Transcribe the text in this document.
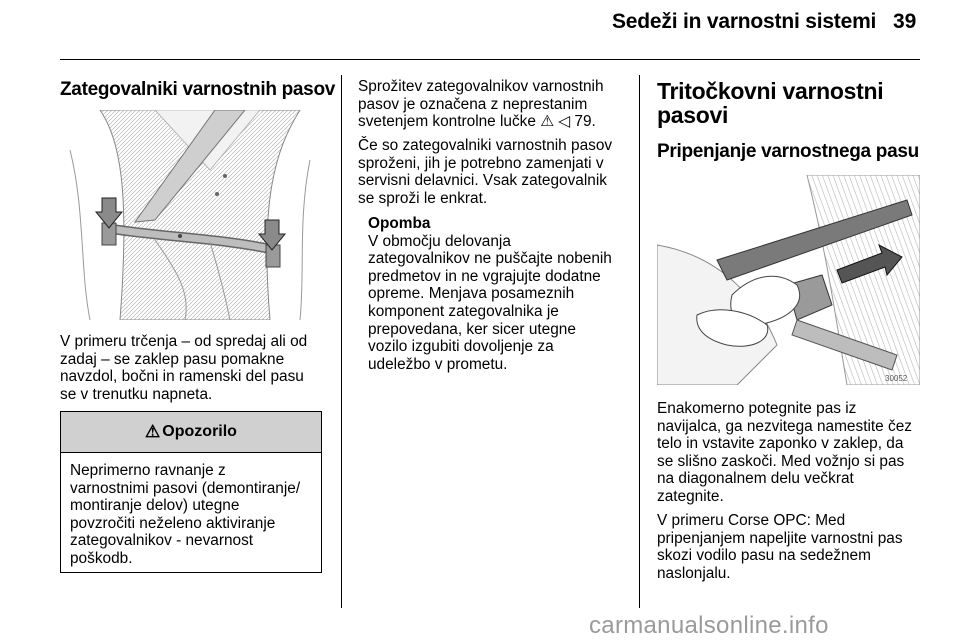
Sedeži in varnostni sistemi 39
Zategovalniki varnostnih pasov

V primeru trčenja – od spredaj ali od
zadaj – se zaklep pasu pomakne
navzdol, bočni in ramenski del pasu
se v trenutku napneta.

⚠ Opozorilo
Neprimerno ravnanje z
varnostnimi pasovi (demontiranje/
montiranje delov) utegne
povzročiti neželeno aktiviranje
zategovalnikov - nevarnost
poškodb.

Sprožitev zategovalnikov varnostnih
pasov je označena z neprestanim
svetenjem kontrolne lučke ⚠ ◁ 79.

Če so zategovalniki varnostnih pasov
sproženi, jih je potrebno zamenjati v
servisni delavnici. Vsak zategovalnik
se sproži le enkrat.

Opomba
V območju delovanja
zategovalnikov ne puščajte nobenih
predmetov in ne vgrajujte dodatne
opreme. Menjava posameznih
komponent zategovalnika je
prepovedana, ker sicer utegne
vozilo izgubiti dovoljenje za
udeležbo v prometu.
Tritočkovni varnostni
pasovi
Pripenjanje varnostnega pasu
30052

Enakomerno potegnite pas iz
navijalca, ga nezvitega namestite čez
telo in vstavite zaponko v zaklep, da
se slišno zaskoči. Med vožnjo si pas
na diagonalnem delu večkrat
zategnite.

V primeru Corse OPC: Med
pripenjanjem napeljite varnostni pas
skozi vodilo pasu na sedežnem
naslonjalu.

carmanualsonline.info
